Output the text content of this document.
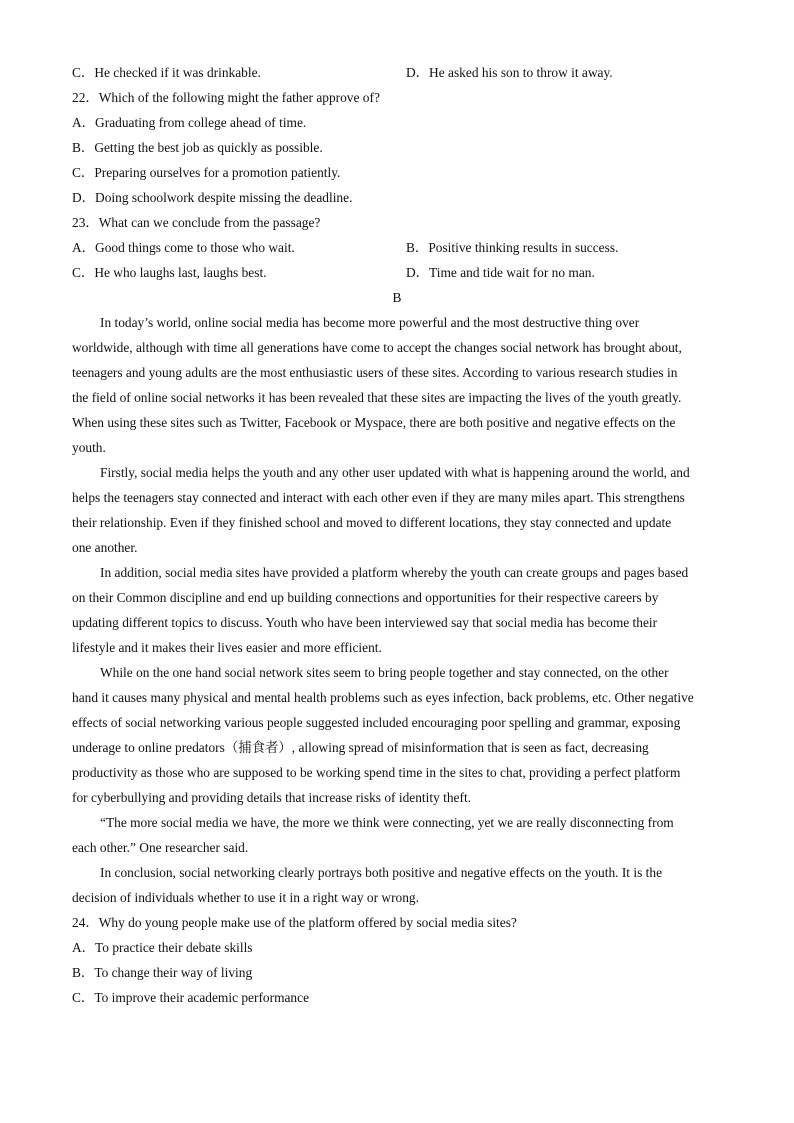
C．He checked if it was drinkable.	D．He asked his son to throw it away.
22．Which of the following might the father approve of?
A．Graduating from college ahead of time.
B．Getting the best job as quickly as possible.
C．Preparing ourselves for a promotion patiently.
D．Doing schoolwork despite missing the deadline.
23．What can we conclude from the passage?
A．Good things come to those who wait.	B．Positive thinking results in success.
C．He who laughs last, laughs best.	D．Time and tide wait for no man.
B
In today’s world, online social media has become more powerful and the most destructive thing over
worldwide, although with time all generations have come to accept the changes social network has brought about,
teenagers and young adults are the most enthusiastic users of these sites. According to various research studies in
the field of online social networks it has been revealed that these sites are impacting the lives of the youth greatly.
When using these sites such as Twitter, Facebook or Myspace, there are both positive and negative effects on the
youth.
Firstly, social media helps the youth and any other user updated with what is happening around the world, and
helps the teenagers stay connected and interact with each other even if they are many miles apart. This strengthens
their relationship. Even if they finished school and moved to different locations, they stay connected and update
one another.
In addition, social media sites have provided a platform whereby the youth can create groups and pages based
on their Common discipline and end up building connections and opportunities for their respective careers by
updating different topics to discuss. Youth who have been interviewed say that social media has become their
lifestyle and it makes their lives easier and more efficient.
While on the one hand social network sites seem to bring people together and stay connected, on the other
hand it causes many physical and mental health problems such as eyes infection, back problems, etc. Other negative
effects of social networking various people suggested included encouraging poor spelling and grammar, exposing
underage to online predators（捕食者）, allowing spread of misinformation that is seen as fact, decreasing
productivity as those who are supposed to be working spend time in the sites to chat, providing a perfect platform
for cyberbullying and providing details that increase risks of identity theft.
“The more social media we have, the more we think were connecting, yet we are really disconnecting from
each other.” One researcher said.
In conclusion, social networking clearly portrays both positive and negative effects on the youth. It is the
decision of individuals whether to use it in a right way or wrong.
24．Why do young people make use of the platform offered by social media sites?
A．To practice their debate skills
B．To change their way of living
C．To improve their academic performance
